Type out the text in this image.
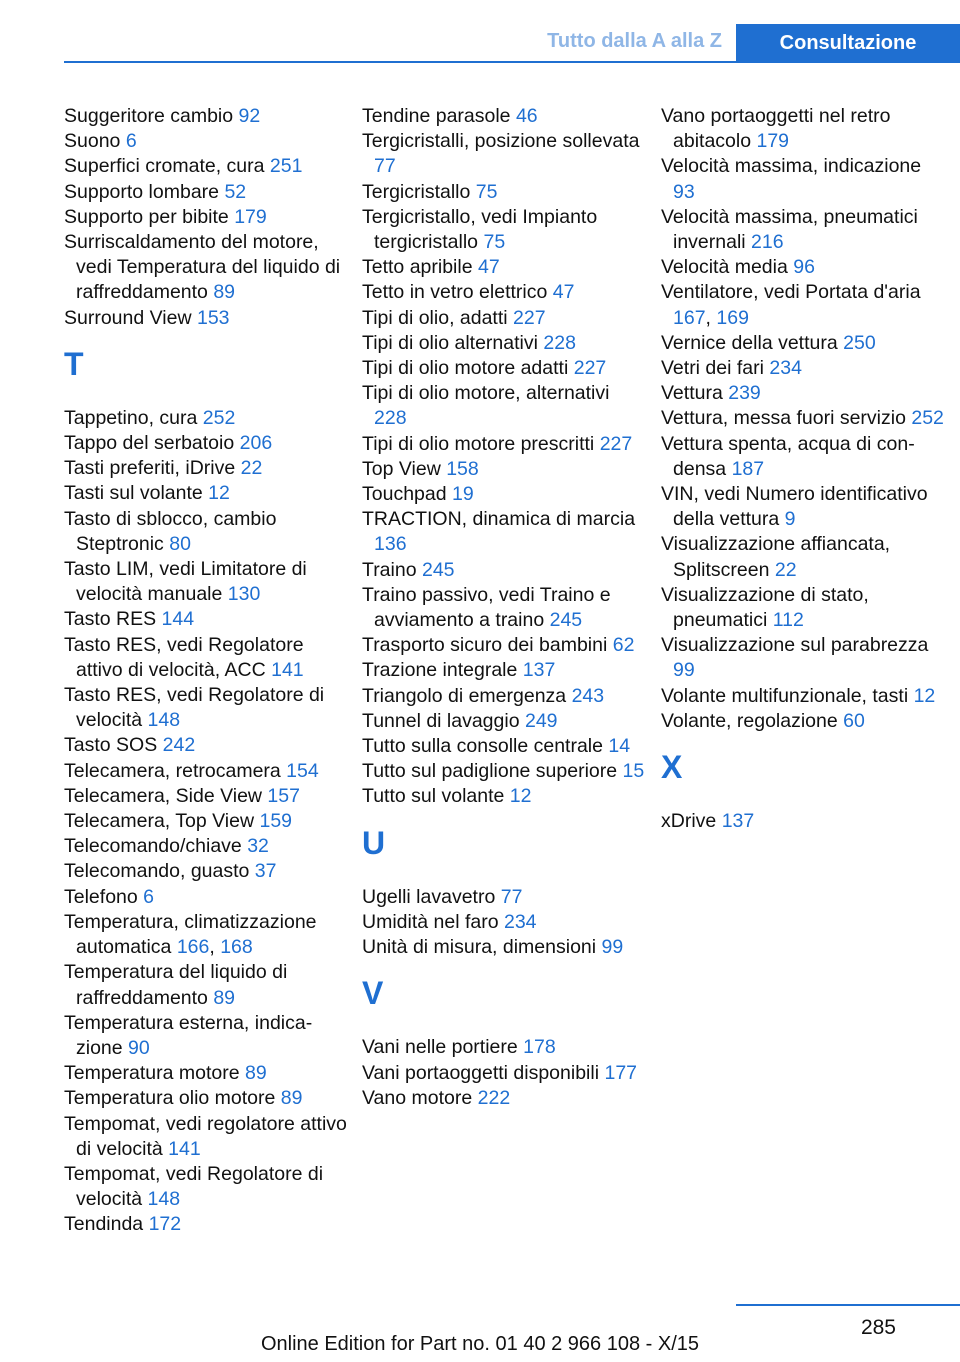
Tutto dalla A alla Z	Consultazione
Suggeritore cambio 92
Suono 6
Superfici cromate, cura 251
Supporto lombare 52
Supporto per bibite 179
Surriscaldamento del motore, vedi Temperatura del liquido di raffreddamento 89
Surround View 153
T
Tappetino, cura 252
Tappo del serbatoio 206
Tasti preferiti, iDrive 22
Tasti sul volante 12
Tasto di sblocco, cambio Steptronic 80
Tasto LIM, vedi Limitatore di velocità manuale 130
Tasto RES 144
Tasto RES, vedi Regolatore attivo di velocità, ACC 141
Tasto RES, vedi Regolatore di velocità 148
Tasto SOS 242
Telecamera, retrocamera 154
Telecamera, Side View 157
Telecamera, Top View 159
Telecomando/chiave 32
Telecomando, guasto 37
Telefono 6
Temperatura, climatizzazione automatica 166, 168
Temperatura del liquido di raffreddamento 89
Temperatura esterna, indicazione 90
Temperatura motore 89
Temperatura olio motore 89
Tempomat, vedi regolatore attivo di velocità 141
Tempomat, vedi Regolatore di velocità 148
Tendinda 172
Tendine parasole 46
Tergicristalli, posizione sollevata 77
Tergicristallo 75
Tergicristallo, vedi Impianto tergicristallo 75
Tetto apribile 47
Tetto in vetro elettrico 47
Tipi di olio, adatti 227
Tipi di olio alternativi 228
Tipi di olio motore adatti 227
Tipi di olio motore, alternativi 228
Tipi di olio motore prescritti 227
Top View 158
Touchpad 19
TRACTION, dinamica di marcia 136
Traino 245
Traino passivo, vedi Traino e avviamento a traino 245
Trasporto sicuro dei bambini 62
Trazione integrale 137
Triangolo di emergenza 243
Tunnel di lavaggio 249
Tutto sulla consolle centrale 14
Tutto sul padiglione superiore 15
Tutto sul volante 12
U
Ugelli lavavetro 77
Umidità nel faro 234
Unità di misura, dimensioni 99
V
Vani nelle portiere 178
Vani portaoggetti disponibili 177
Vano motore 222
Vano portaoggetti nel retro abitacolo 179
Velocità massima, indicazione 93
Velocità massima, pneumatici invernali 216
Velocità media 96
Ventilatore, vedi Portata d'aria 167, 169
Vernice della vettura 250
Vetri dei fari 234
Vettura 239
Vettura, messa fuori servizio 252
Vettura spenta, acqua di condensa 187
VIN, vedi Numero identificativo della vettura 9
Visualizzazione affiancata, Splitscreen 22
Visualizzazione di stato, pneumatici 112
Visualizzazione sul parabrezza 99
Volante multifunzionale, tasti 12
Volante, regolazione 60
X
xDrive 137
285
Online Edition for Part no. 01 40 2 966 108 - X/15
